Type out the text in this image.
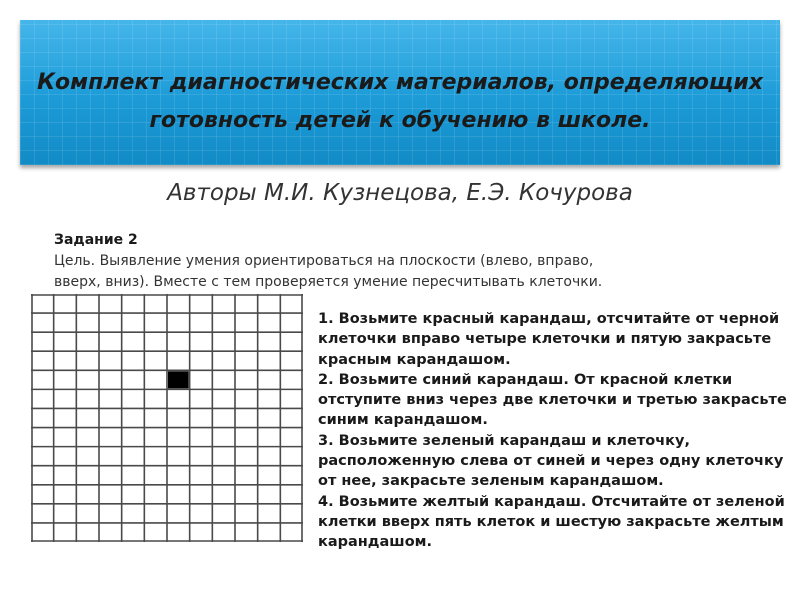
Комплект диагностических материалов, определяющих
готовность детей к обучению в школе.
Авторы М.И. Кузнецова, Е.Э. Кочурова
Задание 2
Цель. Выявление умения ориентироваться на плоскости (влево, вправо,
вверх, вниз). Вместе с тем проверяется умение пересчитывать клеточки.

1. Возьмите красный карандаш, отсчитайте от черной

клеточки вправо четыре клеточки и пятую закрасьте

красным карандашом.

2. Возьмите синий карандаш. От красной клетки

отступите вниз через две клеточки и третью закрасьте

синим карандашом.

3. Возьмите зеленый карандаш и клеточку,

расположенную слева от синей и через одну клеточку

от нее, закрасьте зеленым карандашом.

4. Возьмите желтый карандаш. Отсчитайте от зеленой

клетки вверх пять клеток и шестую закрасьте желтым

карандашом.
